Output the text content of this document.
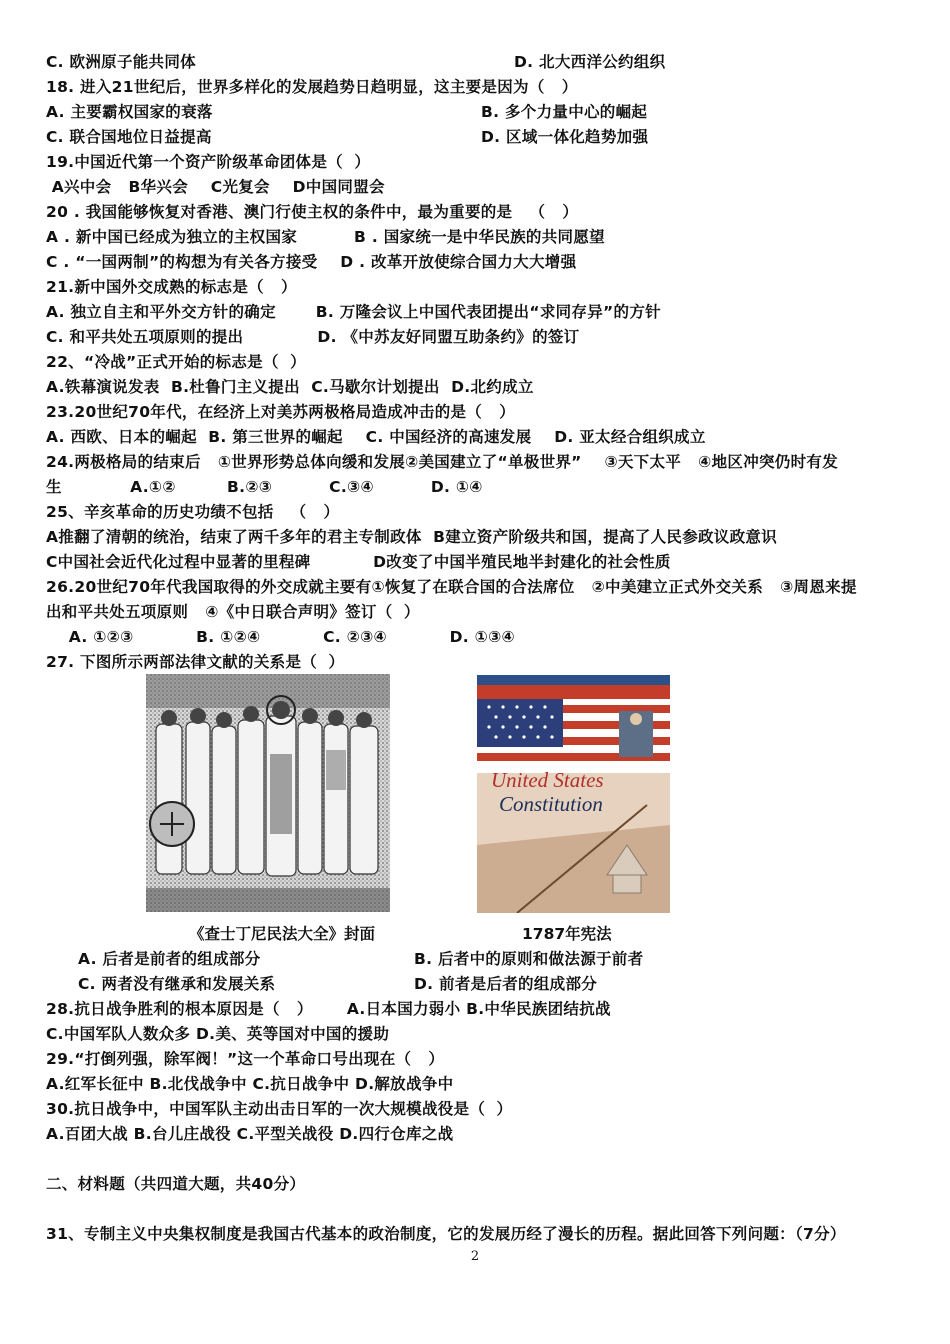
C. 欧洲原子能共同体	D. 北大西洋公约组织
18. 进入21世纪后，世界多样化的发展趋势日趋明显，这主要是因为（   ）
A. 主要霸权国家的衰落	B. 多个力量中心的崛起
C. 联合国地位日益提高	D. 区域一体化趋势加强
19.中国近代第一个资产阶级革命团体是（  ）
A兴中会   B华兴会    C光复会    D中国同盟会
20 . 我国能够恢复对香港、澳门行使主权的条件中，最为重要的是   （   ）
A . 新中国已经成为独立的主权国家          B . 国家统一是中华民族的共同愿望
C . “一国两制”的构想为有关各方接受    D . 改革开放使综合国力大大增强
21.新中国外交成熟的标志是（   ）
A. 独立自主和平外交方针的确定       B. 万隆会议上中国代表团提出“求同存异”的方针
C. 和平共处五项原则的提出             D. 《中苏友好同盟互助条约》的签订
22、“冷战”正式开始的标志是（  ）
A.铁幕演说发表  B.杜鲁门主义提出  C.马歇尔计划提出  D.北约成立
23.20世纪70年代，在经济上对美苏两极格局造成冲击的是（   ）
A. 西欧、日本的崛起  B. 第三世界的崛起    C. 中国经济的高速发展    D. 亚太经合组织成立
24.两极格局的结束后   ①世界形势总体向缓和发展②美国建立了“单极世界”    ③天下太平   ④地区冲突仍时有发
生            A.①②         B.②③          C.③④          D. ①④
25、辛亥革命的历史功绩不包括   （   ）
A推翻了清朝的统治，结束了两千多年的君主专制政体  B建立资产阶级共和国，提高了人民参政议政意识
C中国社会近代化过程中显著的里程碑           D改变了中国半殖民地半封建化的社会性质
26.20世纪70年代我国取得的外交成就主要有①恢复了在联合国的合法席位   ②中美建立正式外交关系   ③周恩来提
出和平共处五项原则   ④《中日联合声明》签订（  ）
A. ①②③           B. ①②④           C. ②③④           D. ①③④
27. 下图所示两部法律文献的关系是（  ）
A. 后者是前者的组成部分	B. 后者中的原则和做法源于前者
C. 两者没有继承和发展关系	D. 前者是后者的组成部分
28.抗日战争胜利的根本原因是（   ）      A.日本国力弱小 B.中华民族团结抗战
C.中国军队人数众多 D.美、英等国对中国的援助
29.“打倒列强，除军阀！”这一个革命口号出现在（   ）
A.红军长征中 B.北伐战争中 C.抗日战争中 D.解放战争中
30.抗日战争中，中国军队主动出击日军的一次大规模战役是（  ）
A.百团大战 B.台儿庄战役 C.平型关战役 D.四行仓库之战
二、材料题（共四道大题，共40分）
31、专制主义中央集权制度是我国古代基本的政治制度，它的发展历经了漫长的历程。据此回答下列问题：（7分）
United States
Constitution
《查士丁尼民法大全》封面	1787年宪法
2
